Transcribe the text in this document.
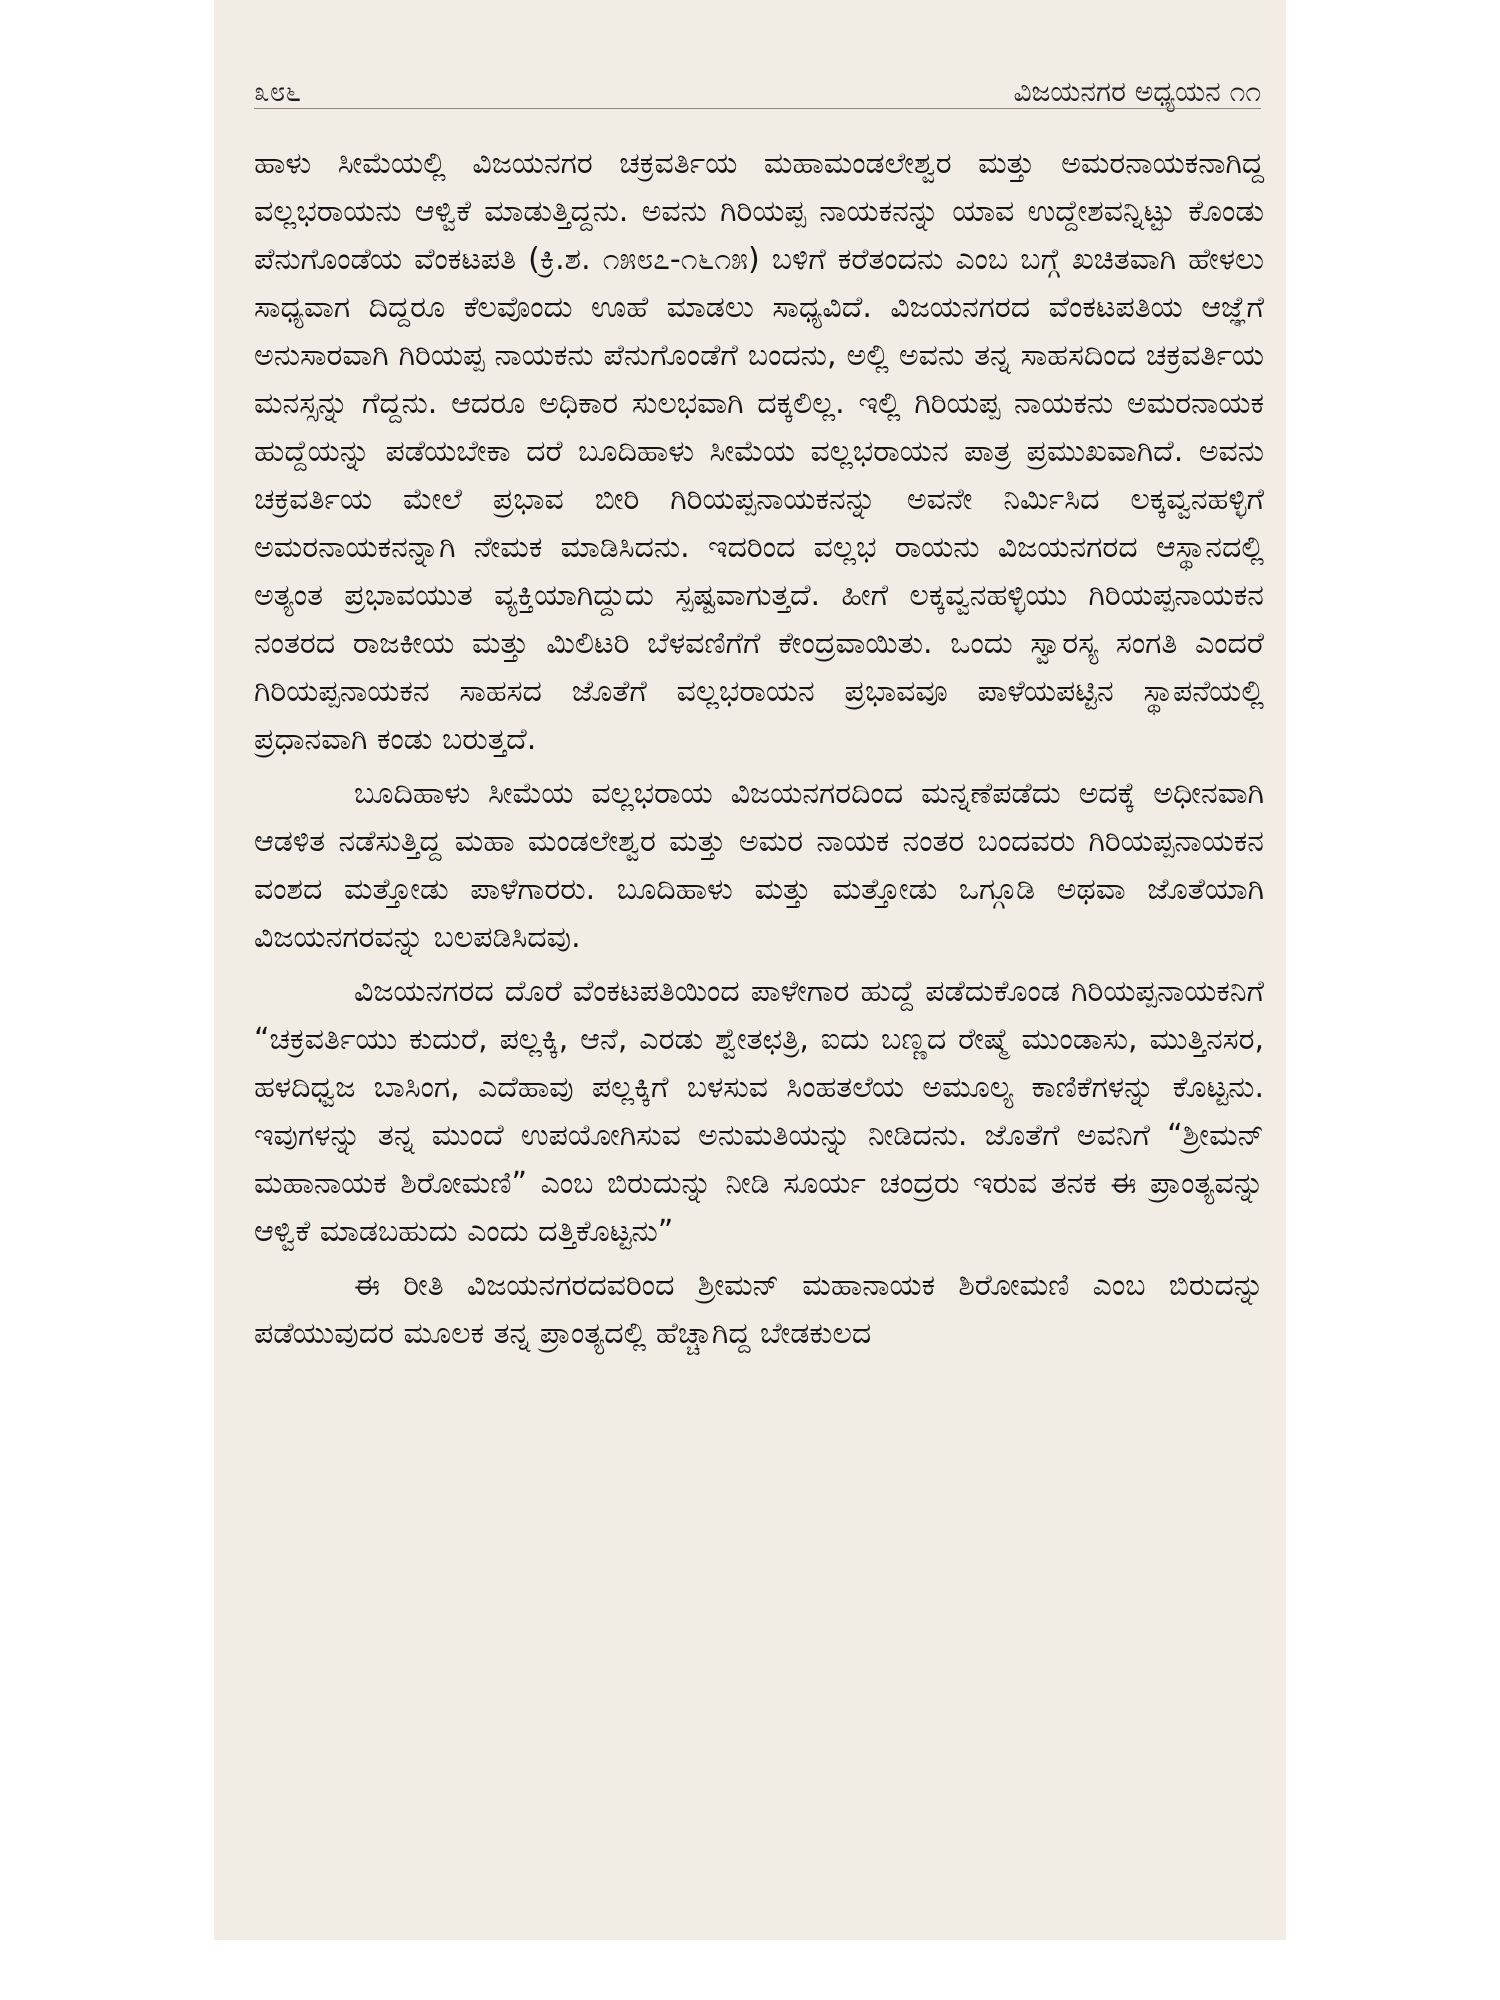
೩೮೬	ವಿಜಯನಗರ ಅಧ್ಯಯನ ೧೧

ಹಾಳು ಸೀಮೆಯಲ್ಲಿ ವಿಜಯನಗರ ಚಕ್ರವರ್ತಿಯ ಮಹಾಮಂಡಲೇಶ್ವರ ಮತ್ತು ಅಮರನಾಯಕನಾಗಿದ್ದ ವಲ್ಲಭರಾಯನು ಆಳ್ವಿಕೆ ಮಾಡುತ್ತಿದ್ದನು. ಅವನು ಗಿರಿಯಪ್ಪ ನಾಯಕನನ್ನು ಯಾವ ಉದ್ದೇಶವನ್ನಿಟ್ಟು ಕೊಂಡು ಪೆನುಗೊಂಡೆಯ ವೆಂಕಟಪತಿ (ಕ್ರಿ.ಶ. ೧೫೮೭-೧೬೧೫) ಬಳಿಗೆ ಕರೆತಂದನು ಎಂಬ ಬಗ್ಗೆ ಖಚಿತವಾಗಿ ಹೇಳಲು ಸಾಧ್ಯವಾಗ ದಿದ್ದರೂ ಕೆಲವೊಂದು ಊಹೆ ಮಾಡಲು ಸಾಧ್ಯವಿದೆ. ವಿಜಯನಗರದ ವೆಂಕಟಪತಿಯ ಆಜ್ಞೆಗೆ ಅನುಸಾರವಾಗಿ ಗಿರಿಯಪ್ಪ ನಾಯಕನು ಪೆನುಗೊಂಡೆಗೆ ಬಂದನು, ಅಲ್ಲಿ ಅವನು ತನ್ನ ಸಾಹಸದಿಂದ ಚಕ್ರವರ್ತಿಯ ಮನಸ್ಸನ್ನು ಗೆದ್ದನು. ಆದರೂ ಅಧಿಕಾರ ಸುಲಭವಾಗಿ ದಕ್ಕಲಿಲ್ಲ. ಇಲ್ಲಿ ಗಿರಿಯಪ್ಪ ನಾಯಕನು ಅಮರನಾಯಕ ಹುದ್ದೆಯನ್ನು ಪಡೆಯಬೇಕಾ ದರೆ ಬೂದಿಹಾಳು ಸೀಮೆಯ ವಲ್ಲಭರಾಯನ ಪಾತ್ರ ಪ್ರಮುಖವಾಗಿದೆ. ಅವನು ಚಕ್ರವರ್ತಿಯ ಮೇಲೆ ಪ್ರಭಾವ ಬೀರಿ ಗಿರಿಯಪ್ಪನಾಯಕನನ್ನು ಅವನೇ ನಿರ್ಮಿಸಿದ ಲಕ್ಕವ್ವನಹಳ್ಳಿಗೆ ಅಮರನಾಯಕನನ್ನಾಗಿ ನೇಮಕ ಮಾಡಿಸಿದನು. ಇದರಿಂದ ವಲ್ಲಭ ರಾಯನು ವಿಜಯನಗರದ ಆಸ್ಥಾನದಲ್ಲಿ ಅತ್ಯಂತ ಪ್ರಭಾವಯುತ ವ್ಯಕ್ತಿಯಾಗಿದ್ದುದು ಸ್ಪಷ್ಟವಾಗುತ್ತದೆ. ಹೀಗೆ ಲಕ್ಕವ್ವನಹಳ್ಳಿಯು ಗಿರಿಯಪ್ಪನಾಯಕನ ನಂತರದ ರಾಜಕೀಯ ಮತ್ತು ಮಿಲಿಟರಿ ಬೆಳವಣಿಗೆಗೆ ಕೇಂದ್ರವಾಯಿತು. ಒಂದು ಸ್ವಾರಸ್ಯ ಸಂಗತಿ ಎಂದರೆ ಗಿರಿಯಪ್ಪನಾಯಕನ ಸಾಹಸದ ಜೊತೆಗೆ ವಲ್ಲಭರಾಯನ ಪ್ರಭಾವವೂ ಪಾಳೆಯಪಟ್ಟಿನ ಸ್ಥಾಪನೆಯಲ್ಲಿ ಪ್ರಧಾನವಾಗಿ ಕಂಡು ಬರುತ್ತದೆ.

ಬೂದಿಹಾಳು ಸೀಮೆಯ ವಲ್ಲಭರಾಯ ವಿಜಯನಗರದಿಂದ ಮನ್ನಣೆಪಡೆದು ಅದಕ್ಕೆ ಅಧೀನವಾಗಿ ಆಡಳಿತ ನಡೆಸುತ್ತಿದ್ದ ಮಹಾ ಮಂಡಲೇಶ್ವರ ಮತ್ತು ಅಮರ ನಾಯಕ ನಂತರ ಬಂದವರು ಗಿರಿಯಪ್ಪನಾಯಕನ ವಂಶದ ಮತ್ತೋಡು ಪಾಳೆಗಾರರು. ಬೂದಿಹಾಳು ಮತ್ತು ಮತ್ತೋಡು ಒಗ್ಗೂಡಿ ಅಥವಾ ಜೊತೆಯಾಗಿ ವಿಜಯನಗರವನ್ನು ಬಲಪಡಿಸಿದವು.

ವಿಜಯನಗರದ ದೊರೆ ವೆಂಕಟಪತಿಯಿಂದ ಪಾಳೇಗಾರ ಹುದ್ದೆ ಪಡೆದುಕೊಂಡ ಗಿರಿಯಪ್ಪನಾಯಕನಿಗೆ “ಚಕ್ರವರ್ತಿಯು ಕುದುರೆ, ಪಲ್ಲಕ್ಕಿ, ಆನೆ, ಎರಡು ಶ್ವೇತಛತ್ರಿ, ಐದು ಬಣ್ಣದ ರೇಷ್ಮೆ ಮುಂಡಾಸು, ಮುತ್ತಿನಸರ, ಹಳದಿಧ್ವಜ ಬಾಸಿಂಗ, ಎದೆಹಾವು ಪಲ್ಲಕ್ಕಿಗೆ ಬಳಸುವ ಸಿಂಹತಲೆಯ ಅಮೂಲ್ಯ ಕಾಣಿಕೆಗಳನ್ನು ಕೊಟ್ಟನು. ಇವುಗಳನ್ನು ತನ್ನ ಮುಂದೆ ಉಪಯೋಗಿಸುವ ಅನುಮತಿಯನ್ನು ನೀಡಿದನು. ಜೊತೆಗೆ ಅವನಿಗೆ “ಶ್ರೀಮನ್ ಮಹಾನಾಯಕ ಶಿರೋಮಣಿ” ಎಂಬ ಬಿರುದುನ್ನು ನೀಡಿ ಸೂರ್ಯ ಚಂದ್ರರು ಇರುವ ತನಕ ಈ ಪ್ರಾಂತ್ಯವನ್ನು ಆಳ್ವಿಕೆ ಮಾಡಬಹುದು ಎಂದು ದತ್ತಿಕೊಟ್ಟನು”

ಈ ರೀತಿ ವಿಜಯನಗರದವರಿಂದ ಶ್ರೀಮನ್ ಮಹಾನಾಯಕ ಶಿರೋಮಣಿ ಎಂಬ ಬಿರುದನ್ನು ಪಡೆಯುವುದರ ಮೂಲಕ ತನ್ನ ಪ್ರಾಂತ್ಯದಲ್ಲಿ ಹೆಚ್ಚಾಗಿದ್ದ ಬೇಡಕುಲದ
